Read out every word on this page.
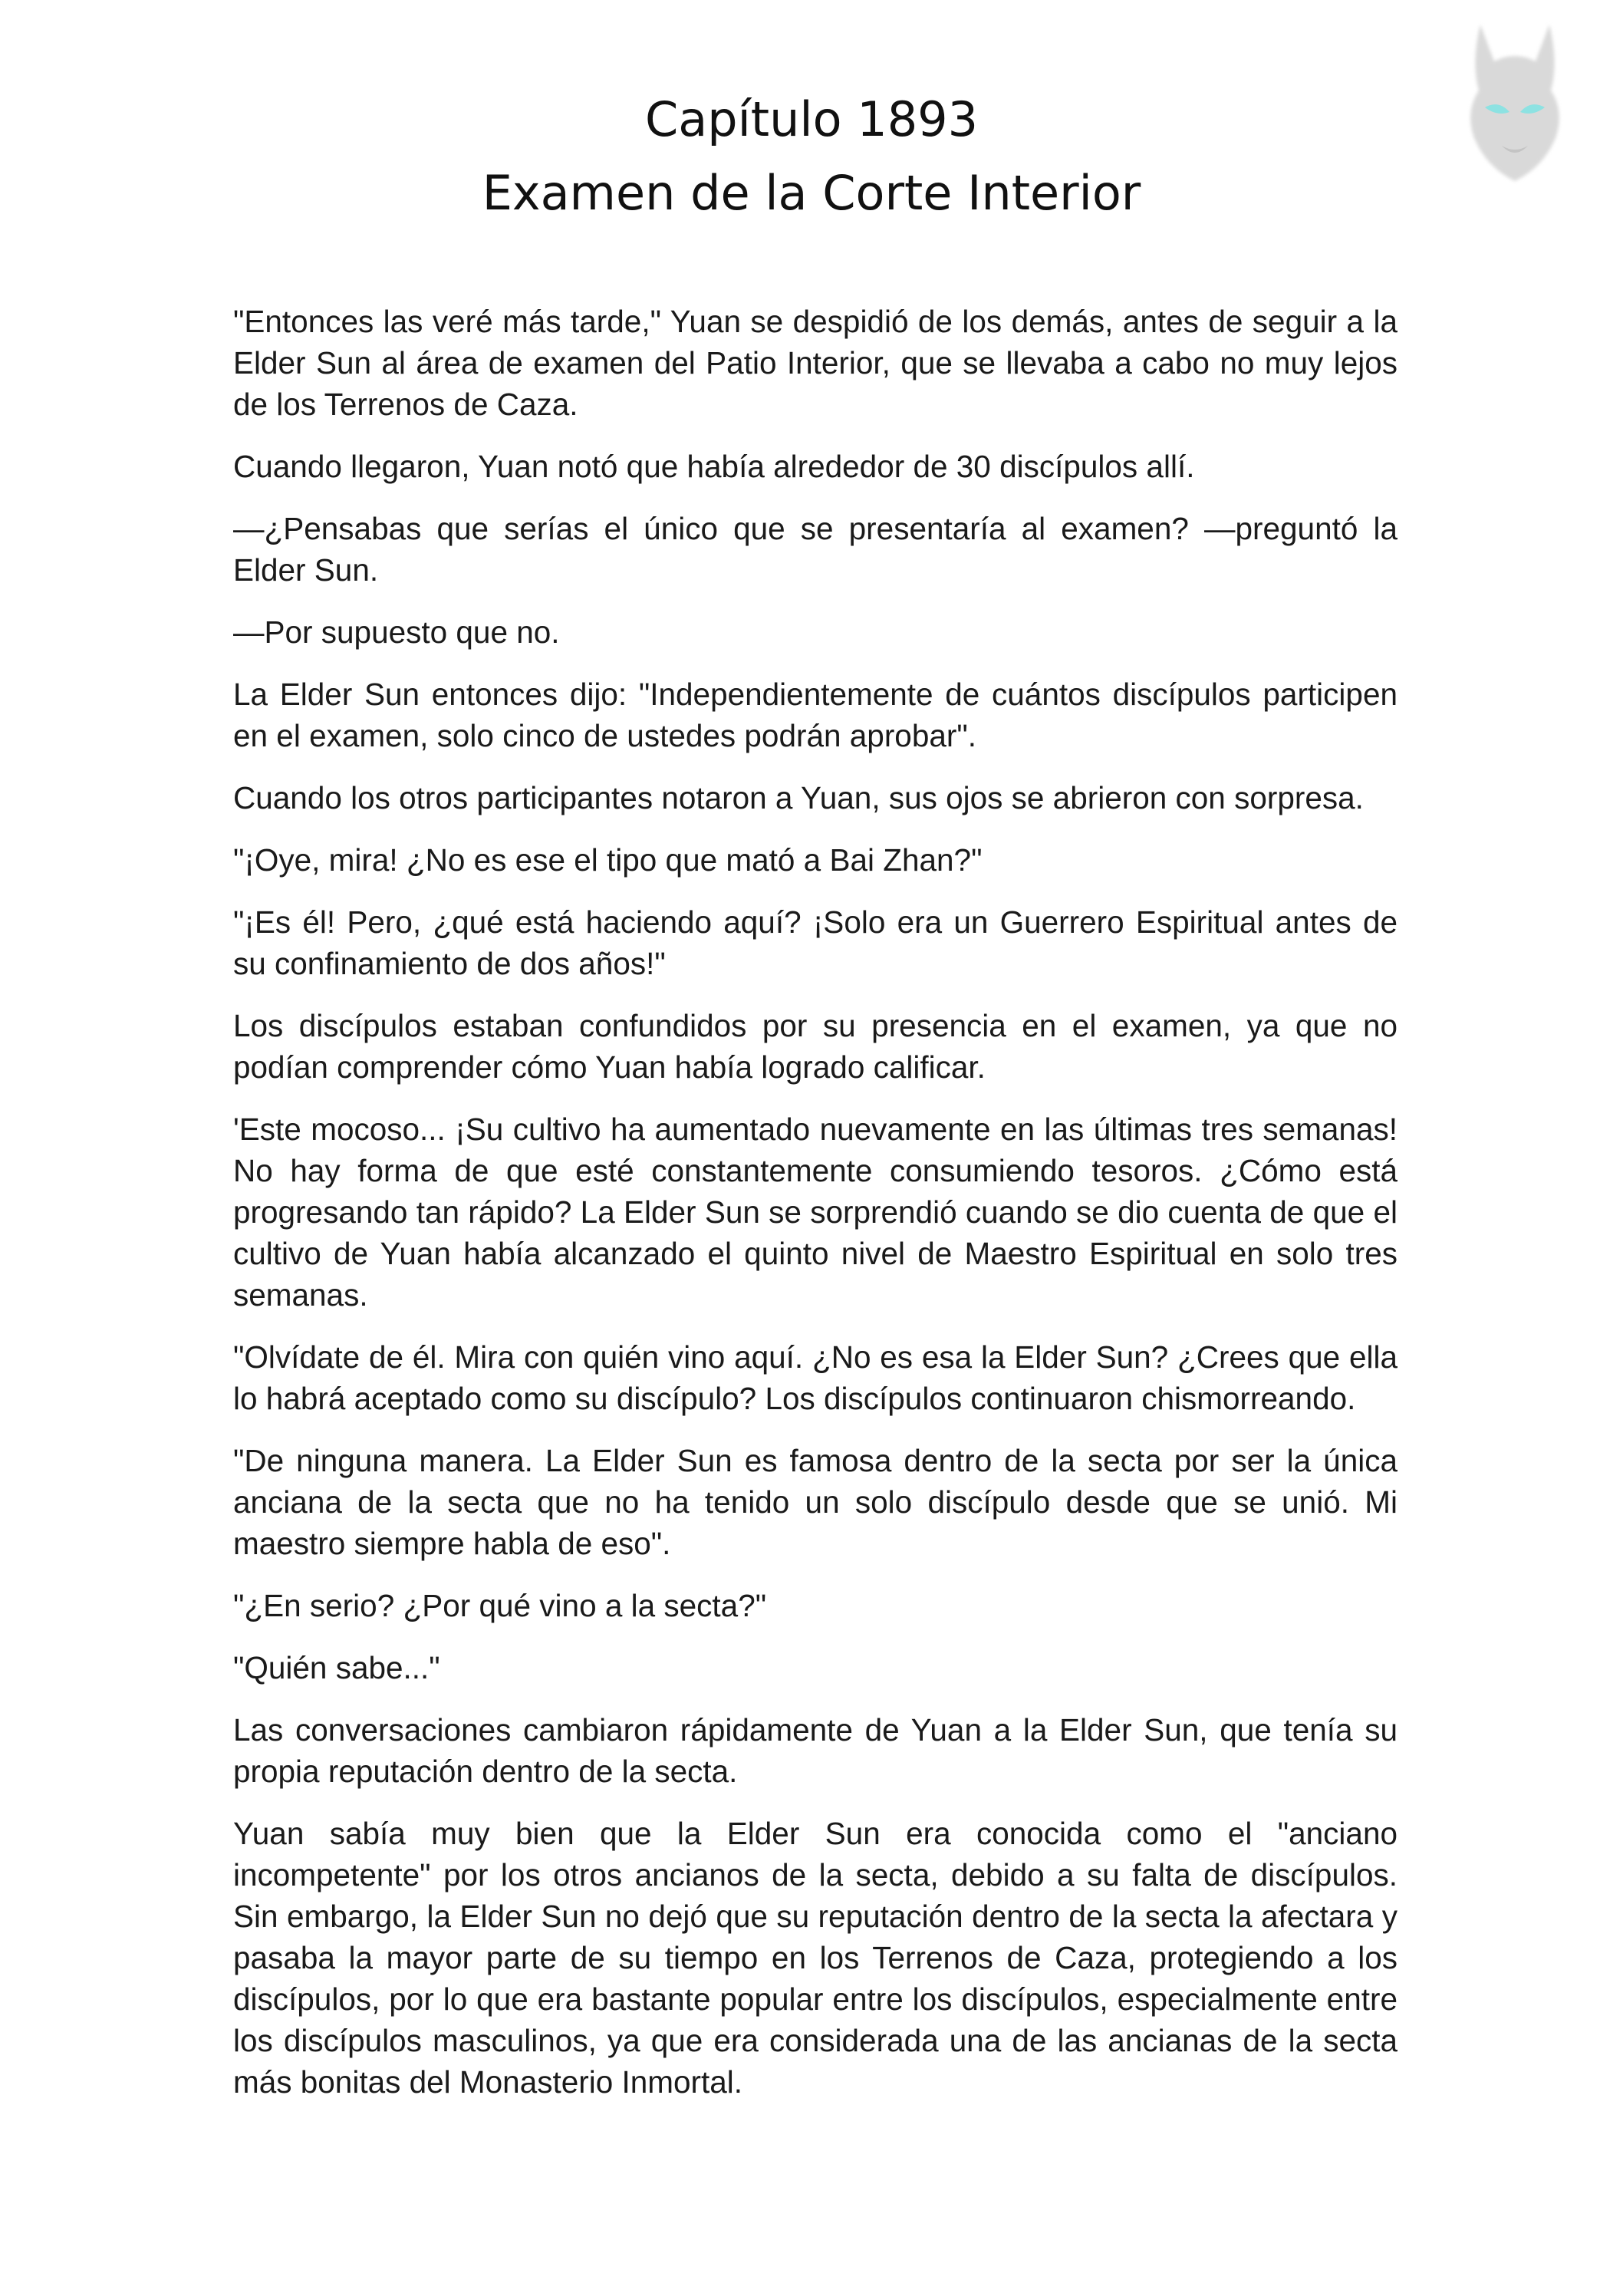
Capítulo 1893
Examen de la Corte Interior

"Entonces las veré más tarde," Yuan se despidió de los demás, antes de seguir a la Elder Sun al área de examen del Patio Interior, que se llevaba a cabo no muy lejos de los Terrenos de Caza.

Cuando llegaron, Yuan notó que había alrededor de 30 discípulos allí.

—¿Pensabas que serías el único que se presentaría al examen? —preguntó la Elder Sun.

—Por supuesto que no.

La Elder Sun entonces dijo: "Independientemente de cuántos discípulos participen en el examen, solo cinco de ustedes podrán aprobar".

Cuando los otros participantes notaron a Yuan, sus ojos se abrieron con sorpresa.

"¡Oye, mira! ¿No es ese el tipo que mató a Bai Zhan?"

"¡Es él! Pero, ¿qué está haciendo aquí? ¡Solo era un Guerrero Espiritual antes de su confinamiento de dos años!"

Los discípulos estaban confundidos por su presencia en el examen, ya que no podían comprender cómo Yuan había logrado calificar.

'Este mocoso... ¡Su cultivo ha aumentado nuevamente en las últimas tres semanas! No hay forma de que esté constantemente consumiendo tesoros. ¿Cómo está progresando tan rápido? La Elder Sun se sorprendió cuando se dio cuenta de que el cultivo de Yuan había alcanzado el quinto nivel de Maestro Espiritual en solo tres semanas.

"Olvídate de él. Mira con quién vino aquí. ¿No es esa la Elder Sun? ¿Crees que ella lo habrá aceptado como su discípulo? Los discípulos continuaron chismorreando.

"De ninguna manera. La Elder Sun es famosa dentro de la secta por ser la única anciana de la secta que no ha tenido un solo discípulo desde que se unió. Mi maestro siempre habla de eso".

"¿En serio? ¿Por qué vino a la secta?"

"Quién sabe..."

Las conversaciones cambiaron rápidamente de Yuan a la Elder Sun, que tenía su propia reputación dentro de la secta.

Yuan sabía muy bien que la Elder Sun era conocida como el "anciano incompetente" por los otros ancianos de la secta, debido a su falta de discípulos. Sin embargo, la Elder Sun no dejó que su reputación dentro de la secta la afectara y pasaba la mayor parte de su tiempo en los Terrenos de Caza, protegiendo a los discípulos, por lo que era bastante popular entre los discípulos, especialmente entre los discípulos masculinos, ya que era considerada una de las ancianas de la secta más bonitas del Monasterio Inmortal.
